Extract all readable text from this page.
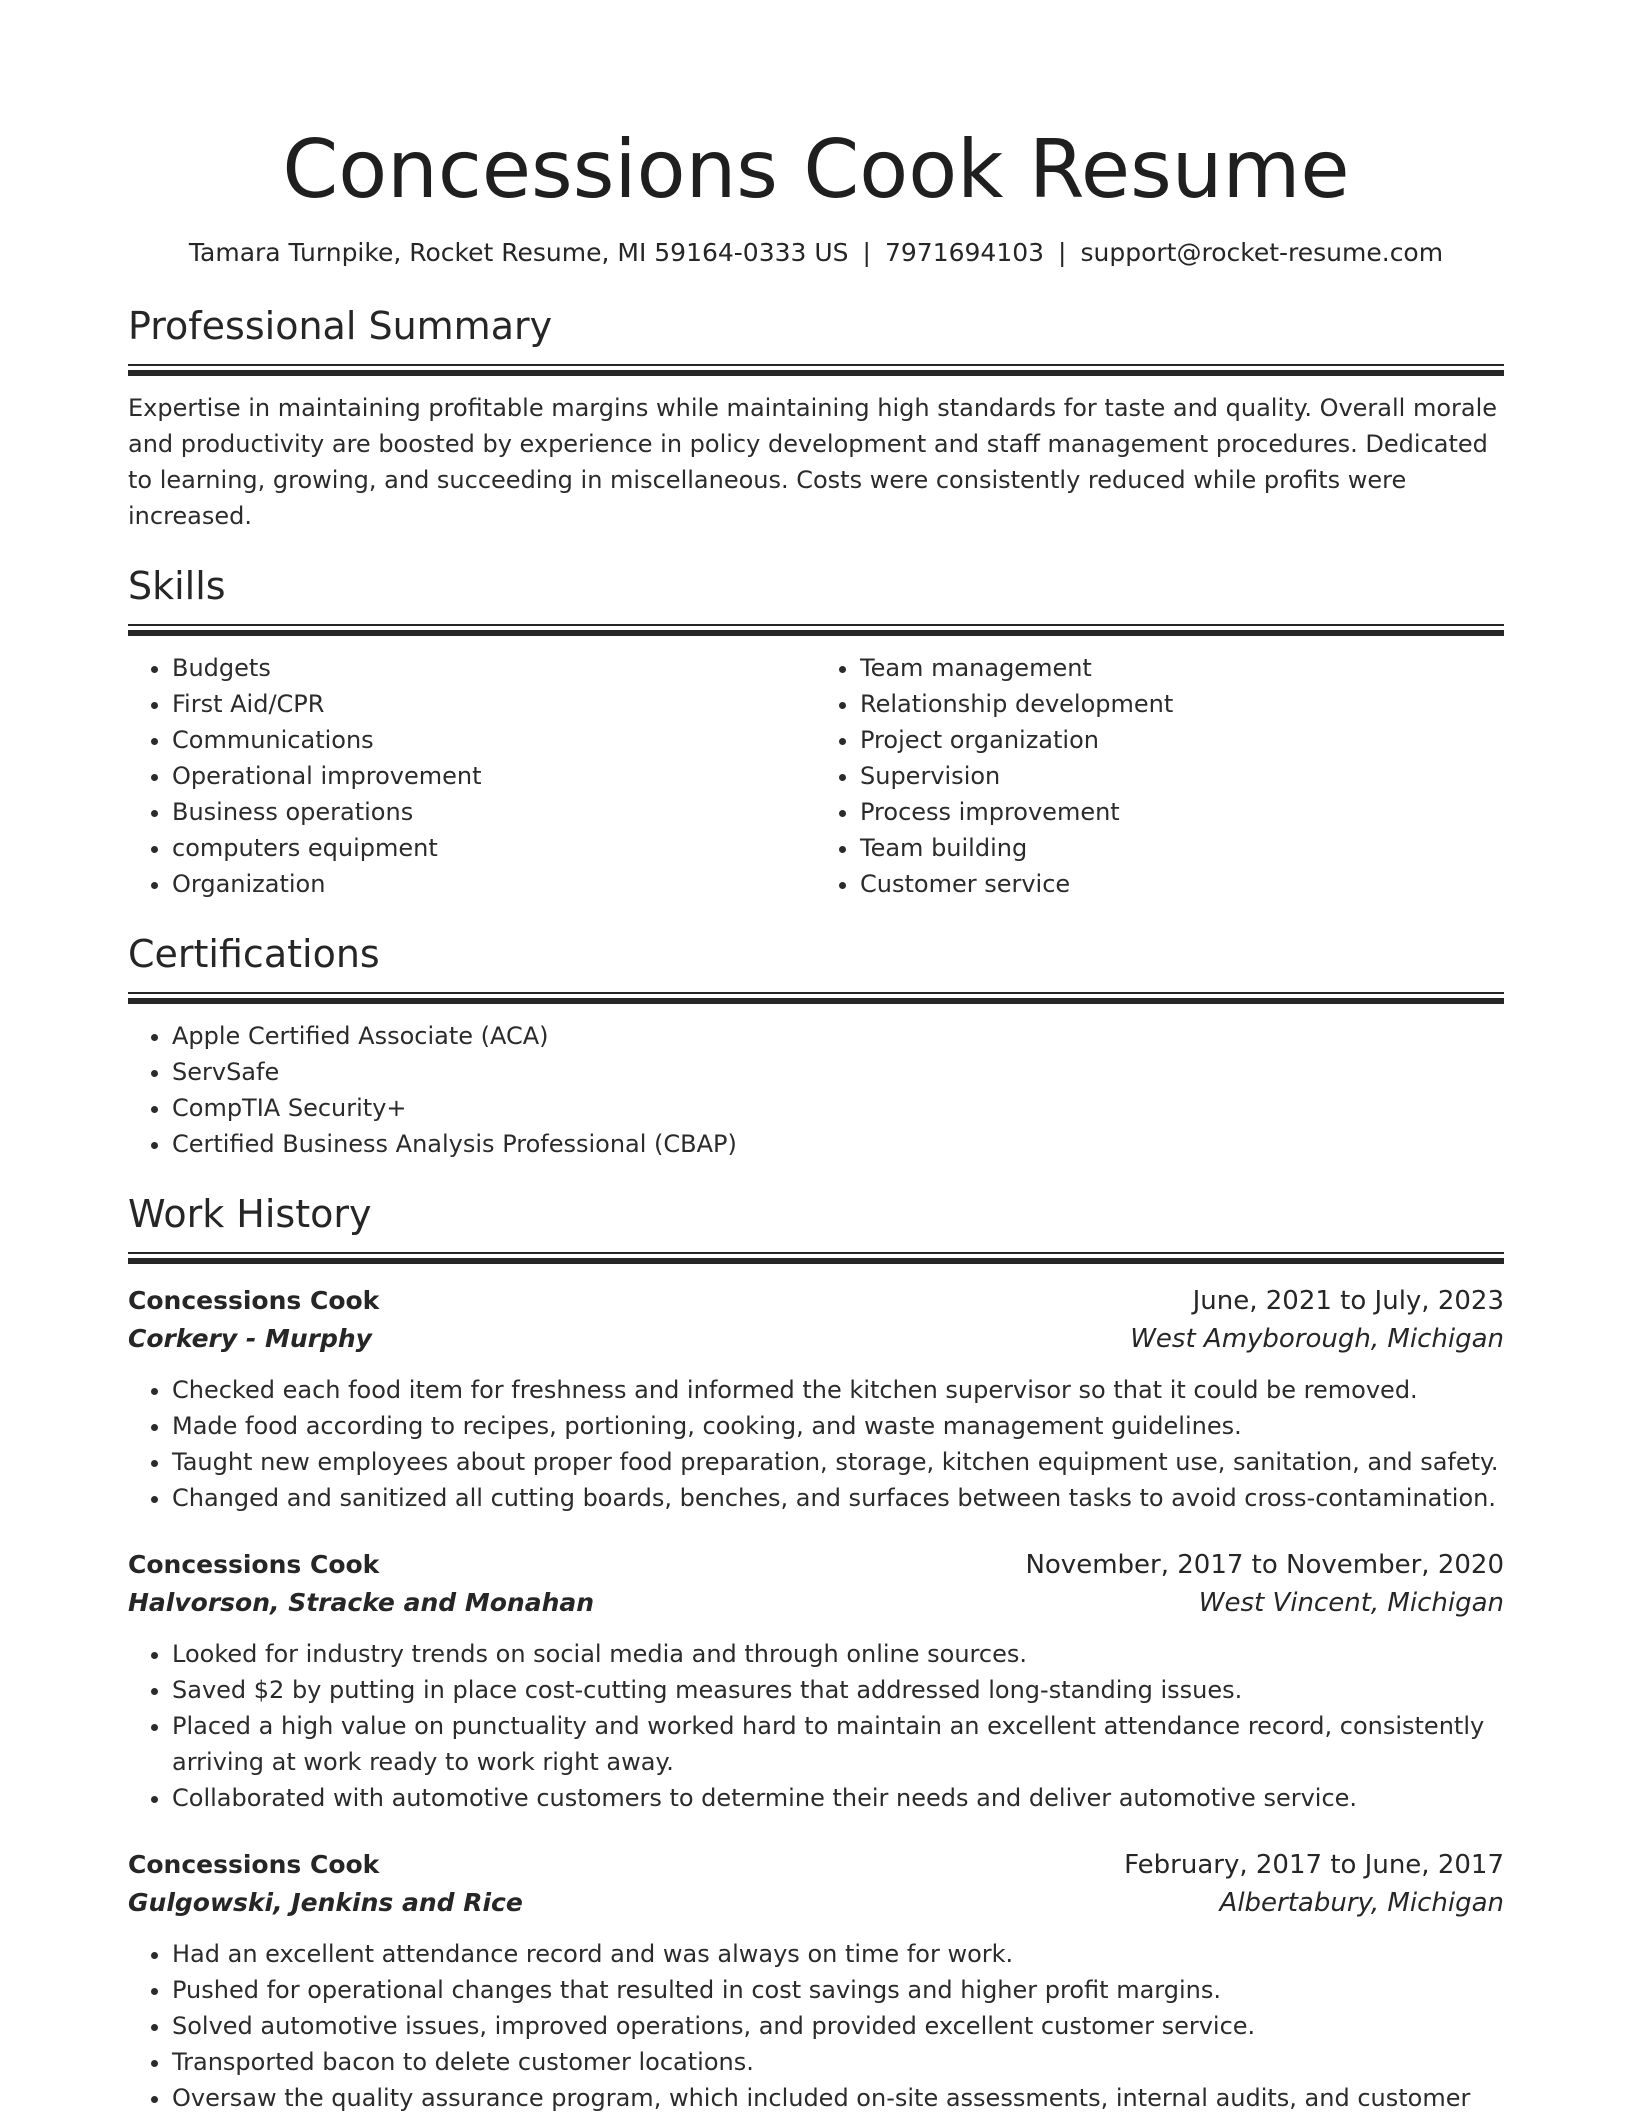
Concessions Cook Resume
Tamara Turnpike, Rocket Resume, MI 59164-0333 US | 7971694103 | support@rocket-resume.com
Professional Summary

Expertise in maintaining profitable margins while maintaining high standards for taste and quality. Overall morale and productivity are boosted by experience in policy development and staff management procedures. Dedicated to learning, growing, and succeeding in miscellaneous. Costs were consistently reduced while profits were increased.

Skills
• Budgets
• First Aid/CPR
• Communications
• Operational improvement
• Business operations
• computers equipment
• Organization
• Team management
• Relationship development
• Project organization
• Supervision
• Process improvement
• Team building
• Customer service
Certifications
• Apple Certified Associate (ACA)
• ServSafe
• CompTIA Security+
• Certified Business Analysis Professional (CBAP)
Work History
Concessions Cook	June, 2021 to July, 2023
Corkery - Murphy	West Amyborough, Michigan
• Checked each food item for freshness and informed the kitchen supervisor so that it could be removed.
• Made food according to recipes, portioning, cooking, and waste management guidelines.
• Taught new employees about proper food preparation, storage, kitchen equipment use, sanitation, and safety.
• Changed and sanitized all cutting boards, benches, and surfaces between tasks to avoid cross-contamination.
Concessions Cook	November, 2017 to November, 2020
Halvorson, Stracke and Monahan	West Vincent, Michigan
• Looked for industry trends on social media and through online sources.
• Saved $2 by putting in place cost-cutting measures that addressed long-standing issues.
• Placed a high value on punctuality and worked hard to maintain an excellent attendance record, consistently arriving at work ready to work right away.
• Collaborated with automotive customers to determine their needs and deliver automotive service.
Concessions Cook	February, 2017 to June, 2017
Gulgowski, Jenkins and Rice	Albertabury, Michigan
• Had an excellent attendance record and was always on time for work.
• Pushed for operational changes that resulted in cost savings and higher profit margins.
• Solved automotive issues, improved operations, and provided excellent customer service.
• Transported bacon to delete customer locations.
• Oversaw the quality assurance program, which included on-site assessments, internal audits, and customer
